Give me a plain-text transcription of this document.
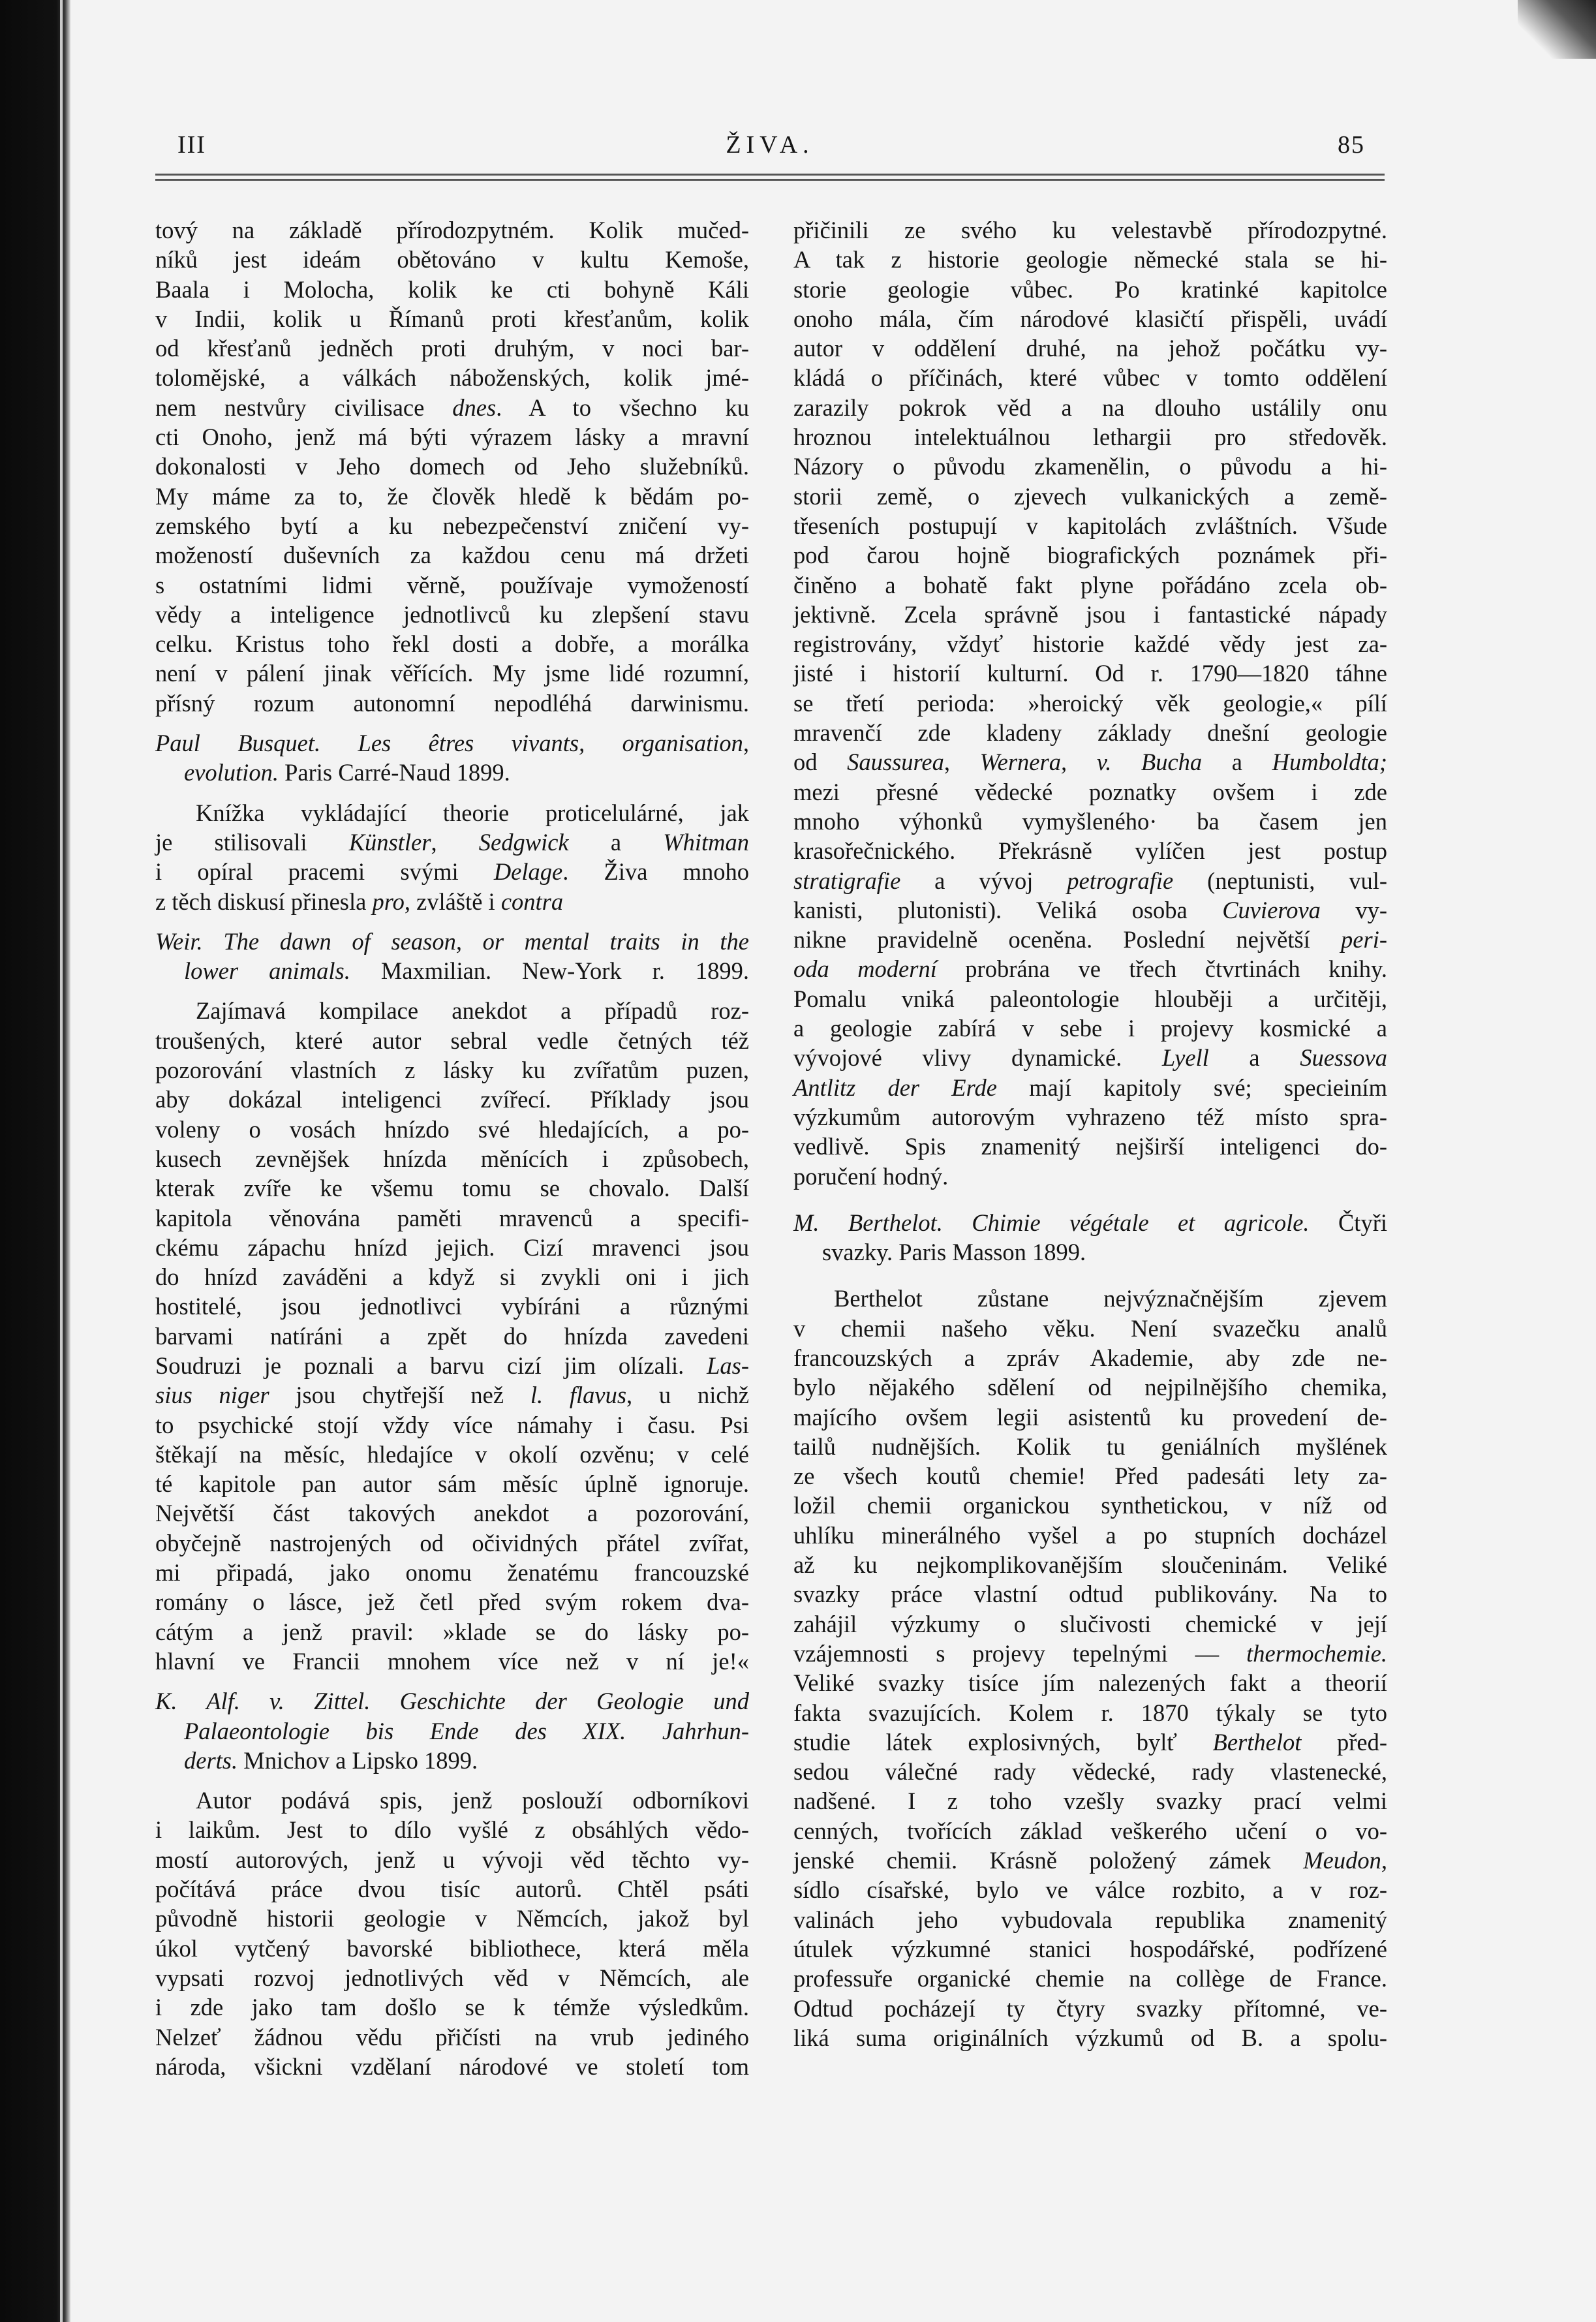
III	ŽIVA.	85
tový na základě přírodozpytném. Kolik mučed-
níků jest ideám obětováno v kultu Kemoše,
Baala i Molocha, kolik ke cti bohyně Káli
v Indii, kolik u Římanů proti křesťanům, kolik
od křesťanů jedněch proti druhým, v noci bar-
tolomějské, a válkách náboženských, kolik jmé-
nem nestvůry civilisace dnes. A to všechno ku
cti Onoho, jenž má býti výrazem lásky a mravní
dokonalosti v Jeho domech od Jeho služebníků.
My máme za to, že člověk hledě k bědám po-
zemského bytí a ku nebezpečenství zničení vy-
možeností duševních za každou cenu má držeti
s ostatními lidmi věrně, používaje vymožeností
vědy a inteligence jednotlivců ku zlepšení stavu
celku. Kristus toho řekl dosti a dobře, a morálka
není v pálení jinak věřících. My jsme lidé rozumní,
přísný rozum autonomní nepodléhá darwinismu.
Paul Busquet. Les êtres vivants, organisation,
evolution. Paris Carré-Naud 1899.
Knížka vykládající theorie proticelulárné, jak
je stilisovali Künstler, Sedgwick a Whitman
i opíral pracemi svými Delage. Živa mnoho
z těch diskusí přinesla pro, zvláště i contra
Weir. The dawn of season, or mental traits in the
lower animals. Maxmilian. New-York r. 1899.
Zajímavá kompilace anekdot a případů roz-
troušených, které autor sebral vedle četných též
pozorování vlastních z lásky ku zvířatům puzen,
aby dokázal inteligenci zvířecí. Příklady jsou
voleny o vosách hnízdo své hledajících, a po-
kusech zevnějšek hnízda měnících i způsobech,
kterak zvíře ke všemu tomu se chovalo. Další
kapitola věnována paměti mravenců a specifi-
ckému zápachu hnízd jejich. Cizí mravenci jsou
do hnízd zaváděni a když si zvykli oni i jich
hostitelé, jsou jednotlivci vybíráni a různými
barvami natíráni a zpět do hnízda zavedeni
Soudruzi je poznali a barvu cizí jim olízali. Las-
sius niger jsou chytřejší než l. flavus, u nichž
to psychické stojí vždy více námahy i času. Psi
štěkají na měsíc, hledajíce v okolí ozvěnu; v celé
té kapitole pan autor sám měsíc úplně ignoruje.
Největší část takových anekdot a pozorování,
obyčejně nastrojených od očividných přátel zvířat,
mi připadá, jako onomu ženatému francouzské
romány o lásce, jež četl před svým rokem dva-
cátým a jenž pravil: »klade se do lásky po-
hlavní ve Francii mnohem více než v ní je!«
K. Alf. v. Zittel. Geschichte der Geologie und
Palaeontologie bis Ende des XIX. Jahrhun-
derts. Mnichov a Lipsko 1899.
Autor podává spis, jenž poslouží odborníkovi
i laikům. Jest to dílo vyšlé z obsáhlých vědo-
mostí autorových, jenž u vývoji věd těchto vy-
počítává práce dvou tisíc autorů. Chtěl psáti
původně historii geologie v Němcích, jakož byl
úkol vytčený bavorské bibliothece, která měla
vypsati rozvoj jednotlivých věd v Němcích, ale
i zde jako tam došlo se k témže výsledkům.
Nelzeť žádnou vědu přičísti na vrub jediného
národa, všickni vzdělaní národové ve století tom
přičinili ze svého ku velestavbě přírodozpytné.
A tak z historie geologie německé stala se hi-
storie geologie vůbec. Po kratinké kapitolce
onoho mála, čím národové klasičtí přispěli, uvádí
autor v oddělení druhé, na jehož počátku vy-
kládá o příčinách, které vůbec v tomto oddělení
zarazily pokrok věd a na dlouho ustálily onu
hroznou intelektuálnou lethargii pro středověk.
Názory o původu zkamenělin, o původu a hi-
storii země, o zjevech vulkanických a země-
třeseních postupují v kapitolách zvláštních. Všude
pod čarou hojně biografických poznámek při-
činěno a bohatě fakt plyne pořádáno zcela ob-
jektivně. Zcela správně jsou i fantastické nápady
registrovány, vždyť historie každé vědy jest za-
jisté i historií kulturní. Od r. 1790—1820 táhne
se třetí perioda: »heroický věk geologie,« pílí
mravenčí zde kladeny základy dnešní geologie
od Saussurea, Wernera, v. Bucha a Humboldta;
mezi přesné vědecké poznatky ovšem i zde
mnoho výhonků vymyšleného· ba časem jen
krasořečnického. Překrásně vylíčen jest postup
stratigrafie a vývoj petrografie (neptunisti, vul-
kanisti, plutonisti). Veliká osoba Cuvierova vy-
nikne pravidelně oceněna. Poslední největší peri-
oda moderní probrána ve třech čtvrtinách knihy.
Pomalu vniká paleontologie hlouběji a určitěji,
a geologie zabírá v sebe i projevy kosmické a
vývojové vlivy dynamické. Lyell a Suessova
Antlitz der Erde mají kapitoly své; specieiním
výzkumům autorovým vyhrazeno též místo spra-
vedlivě. Spis znamenitý nejširší inteligenci do-
poručení hodný.
M. Berthelot. Chimie végétale et agricole. Čtyři
svazky. Paris Masson 1899.
Berthelot zůstane nejvýznačnějším zjevem
v chemii našeho věku. Není svazečku analů
francouzských a zpráv Akademie, aby zde ne-
bylo nějakého sdělení od nejpilnějšího chemika,
majícího ovšem legii asistentů ku provedení de-
tailů nudnějších. Kolik tu geniálních myšlének
ze všech koutů chemie! Před padesáti lety za-
ložil chemii organickou synthetickou, v níž od
uhlíku minerálného vyšel a po stupních docházel
až ku nejkomplikovanějším sloučeninám. Veliké
svazky práce vlastní odtud publikovány. Na to
zahájil výzkumy o slučivosti chemické v její
vzájemnosti s projevy tepelnými — thermochemie.
Veliké svazky tisíce jím nalezených fakt a theorií
fakta svazujících. Kolem r. 1870 týkaly se tyto
studie látek explosivných, bylť Berthelot před-
sedou válečné rady vědecké, rady vlastenecké,
nadšené. I z toho vzešly svazky prací velmi
cenných, tvořících základ veškerého učení o vo-
jenské chemii. Krásně položený zámek Meudon,
sídlo císařské, bylo ve válce rozbito, a v roz-
valinách jeho vybudovala republika znamenitý
útulek výzkumné stanici hospodářské, podřízené
professuře organické chemie na collège de France.
Odtud pocházejí ty čtyry svazky přítomné, ve-
liká suma originálních výzkumů od B. a spolu-
